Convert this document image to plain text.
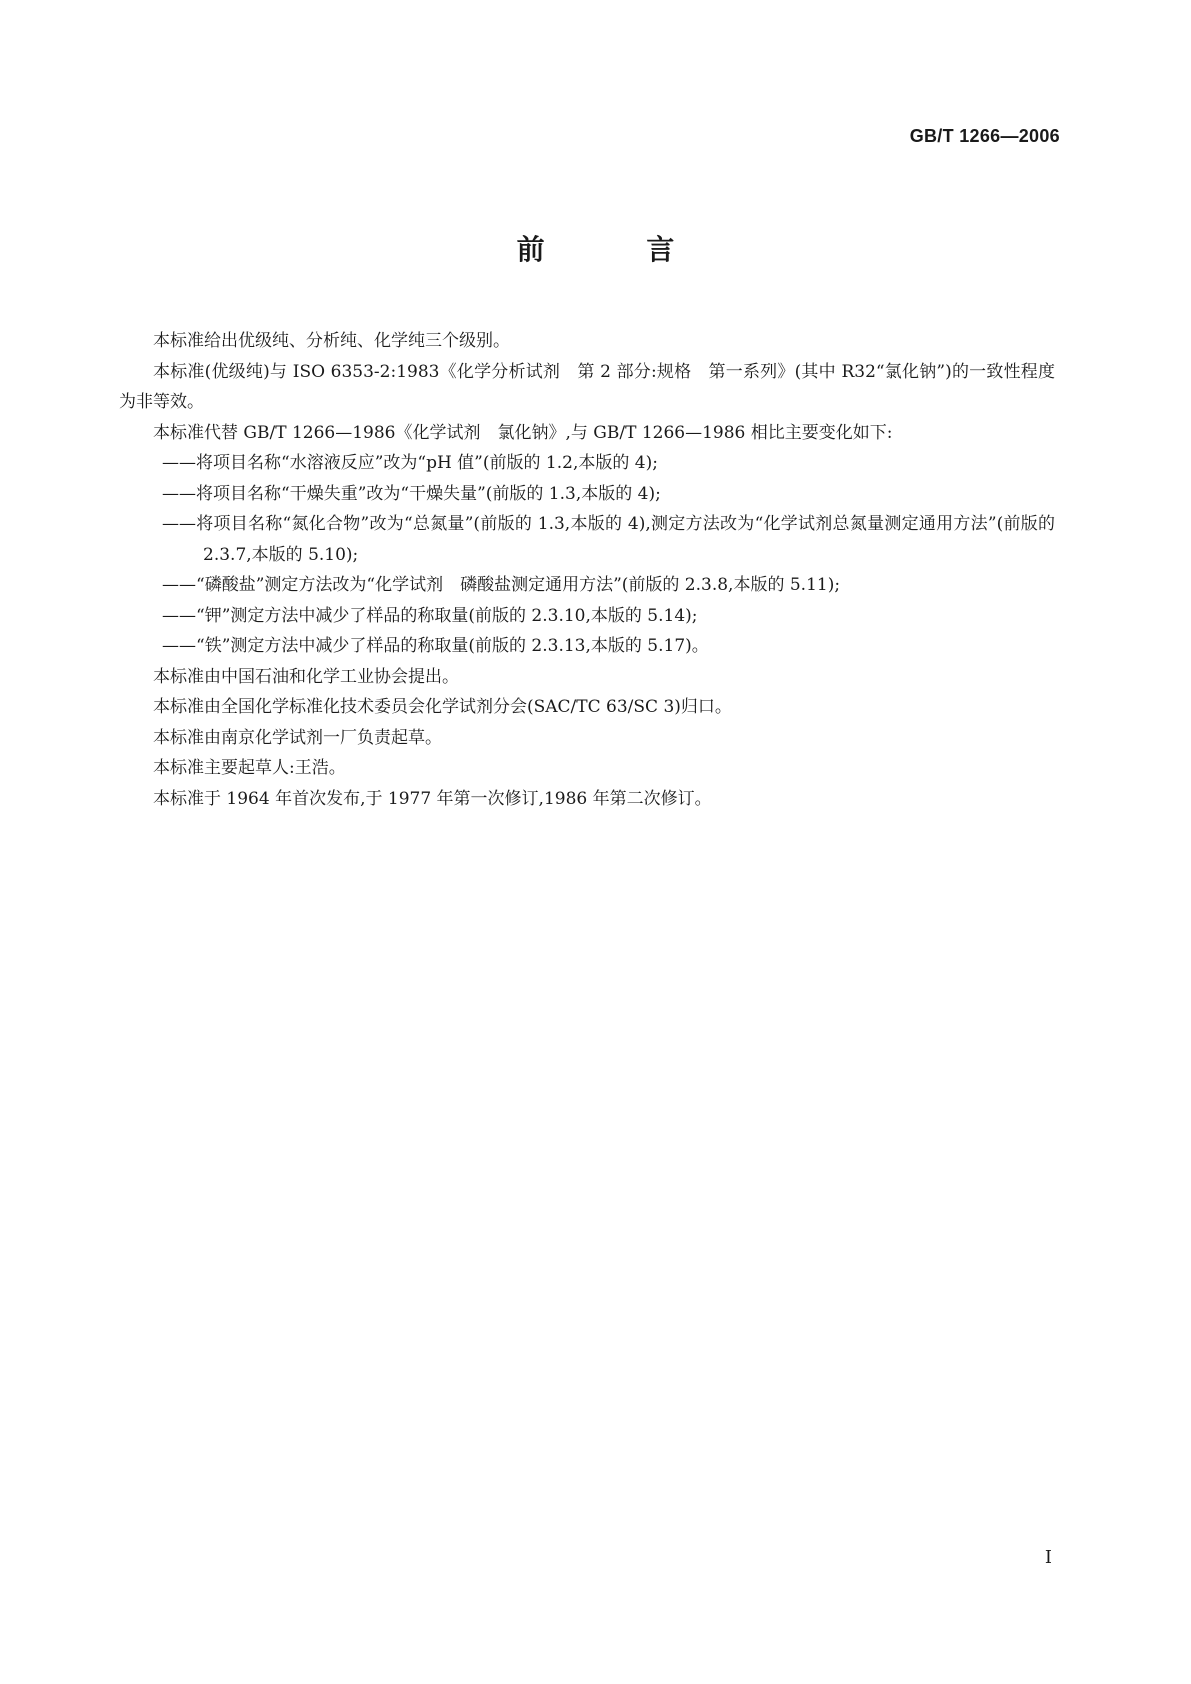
GB/T 1266—2006
前 言

本标准给出优级纯、分析纯、化学纯三个级别。

本标准(优级纯)与 ISO 6353-2:1983《化学分析试剂　第 2 部分:规格　第一系列》(其中 R32“氯化钠”)的一致性程度为非等效。

本标准代替 GB/T 1266—1986《化学试剂　氯化钠》,与 GB/T 1266—1986 相比主要变化如下:

——将项目名称“水溶液反应”改为“pH 值”(前版的 1.2,本版的 4);

——将项目名称“干燥失重”改为“干燥失量”(前版的 1.3,本版的 4);

——将项目名称“氮化合物”改为“总氮量”(前版的 1.3,本版的 4),测定方法改为“化学试剂总氮量测定通用方法”(前版的 2.3.7,本版的 5.10);

——“磷酸盐”测定方法改为“化学试剂　磷酸盐测定通用方法”(前版的 2.3.8,本版的 5.11);

——“钾”测定方法中减少了样品的称取量(前版的 2.3.10,本版的 5.14);

——“铁”测定方法中减少了样品的称取量(前版的 2.3.13,本版的 5.17)。

本标准由中国石油和化学工业协会提出。

本标准由全国化学标准化技术委员会化学试剂分会(SAC/TC 63/SC 3)归口。

本标准由南京化学试剂一厂负责起草。

本标准主要起草人:王浩。

本标准于 1964 年首次发布,于 1977 年第一次修订,1986 年第二次修订。

I
